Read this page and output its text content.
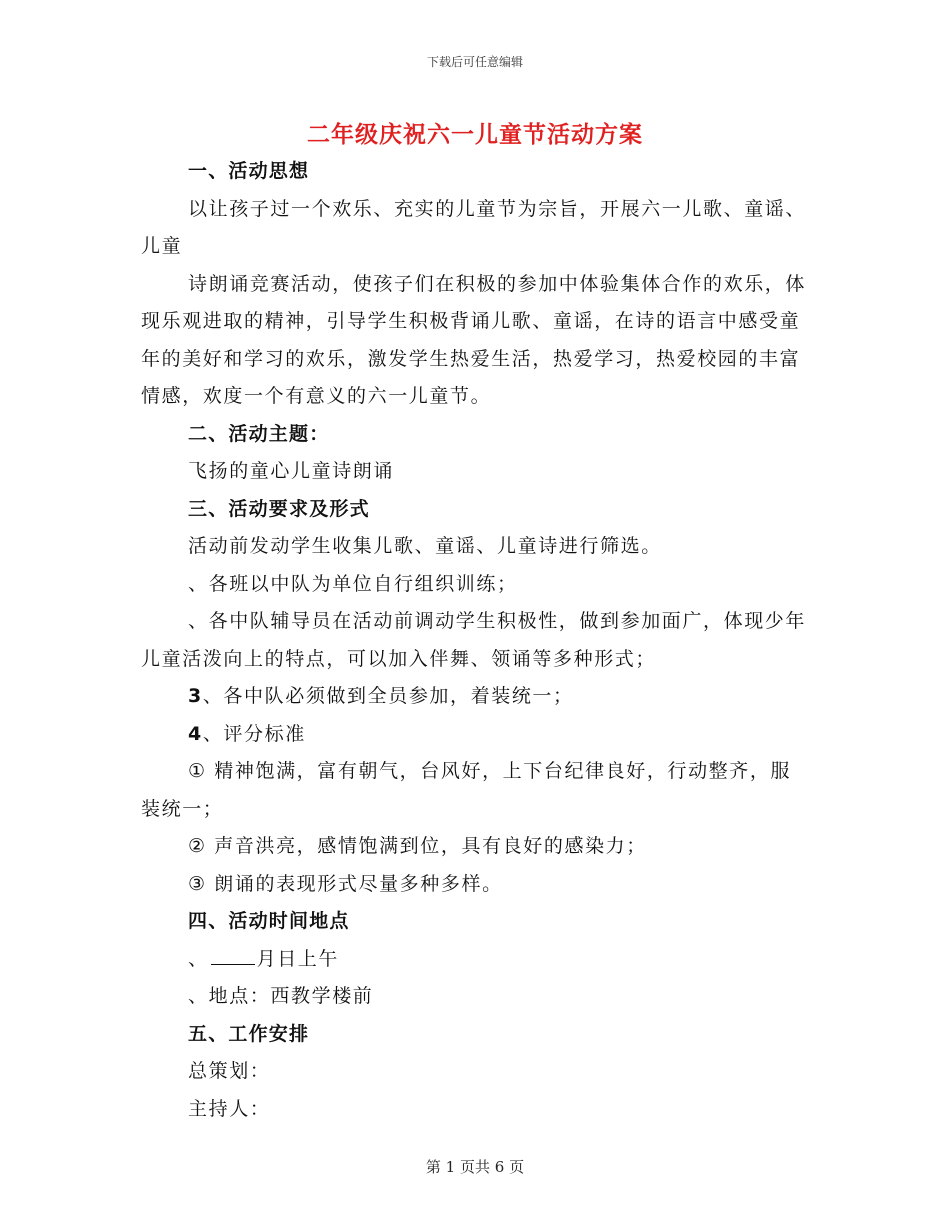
下载后可任意编辑
二年级庆祝六一儿童节活动方案

一、活动思想

以让孩子过一个欢乐、充实的儿童节为宗旨，开展六一儿歌、童谣、儿童

诗朗诵竞赛活动，使孩子们在积极的参加中体验集体合作的欢乐，体现乐观进取的精神，引导学生积极背诵儿歌、童谣，在诗的语言中感受童年的美好和学习的欢乐，激发学生热爱生活，热爱学习，热爱校园的丰富情感，欢度一个有意义的六一儿童节。

二、活动主题：

飞扬的童心儿童诗朗诵

三、活动要求及形式

活动前发动学生收集儿歌、童谣、儿童诗进行筛选。

、各班以中队为单位自行组织训练；

、各中队辅导员在活动前调动学生积极性，做到参加面广，体现少年儿童活泼向上的特点，可以加入伴舞、领诵等多种形式；

3、各中队必须做到全员参加，着装统一；

4、评分标准

① 精神饱满，富有朝气，台风好，上下台纪律良好，行动整齐，服装统一；

② 声音洪亮，感情饱满到位，具有良好的感染力；

③ 朗诵的表现形式尽量多种多样。

四、活动时间地点

、	月日上午

、地点：西教学楼前

五、工作安排

总策划：

主持人：

第 1 页共 6 页
